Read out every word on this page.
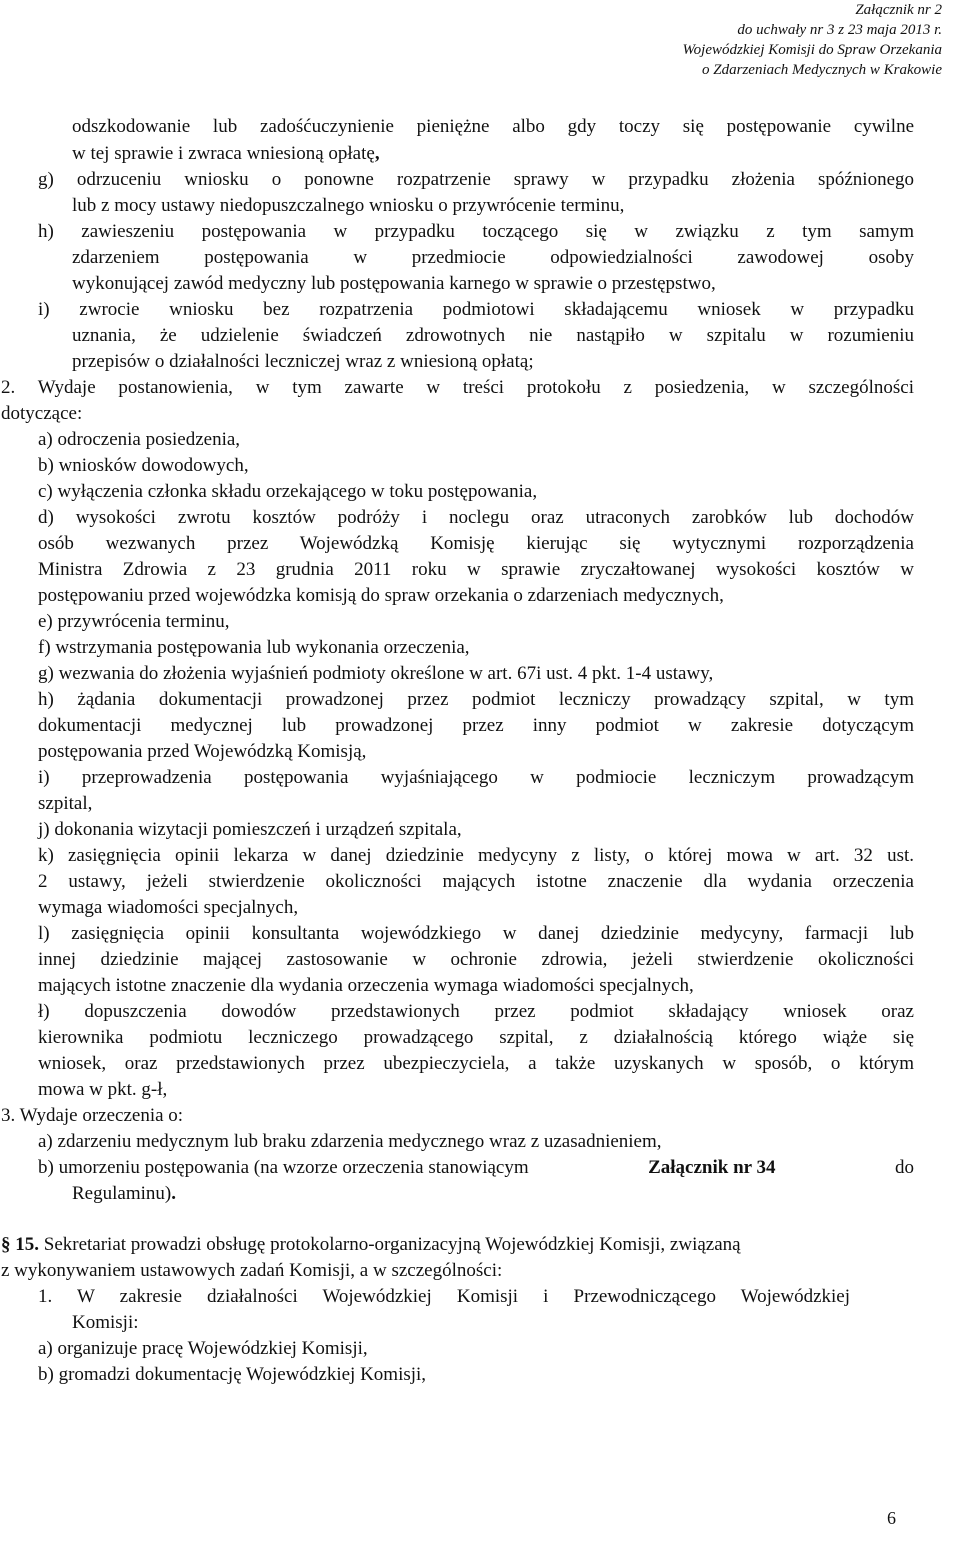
Załącznik nr 2
do uchwały nr 3 z 23 maja 2013 r.
Wojewódzkiej Komisji do Spraw Orzekania
o Zdarzeniach Medycznych w Krakowie
odszkodowanie lub zadośćuczynienie pieniężne albo gdy toczy się postępowanie cywilne
w tej sprawie i zwraca wniesioną opłatę,
g) odrzuceniu wniosku o ponowne rozpatrzenie sprawy w przypadku złożenia spóźnionego
lub z mocy ustawy niedopuszczalnego wniosku o przywrócenie terminu,
h) zawieszeniu postępowania w przypadku toczącego się w związku z tym samym
zdarzeniem postępowania w przedmiocie odpowiedzialności zawodowej osoby
wykonującej zawód medyczny lub postępowania karnego w sprawie o przestępstwo,
i) zwrocie wniosku bez rozpatrzenia podmiotowi składającemu wniosek w przypadku
uznania, że udzielenie świadczeń zdrowotnych nie nastąpiło w szpitalu w rozumieniu
przepisów o działalności leczniczej wraz z wniesioną opłatą;
2. Wydaje postanowienia, w tym zawarte w treści protokołu z posiedzenia, w szczególności
dotyczące:
a) odroczenia posiedzenia,
b) wniosków dowodowych,
c) wyłączenia członka składu orzekającego w toku postępowania,
d) wysokości zwrotu kosztów podróży i noclegu oraz utraconych zarobków lub dochodów
osób wezwanych przez Wojewódzką Komisję kierując się wytycznymi rozporządzenia
Ministra Zdrowia z 23 grudnia 2011 roku w sprawie zryczałtowanej wysokości kosztów w
postępowaniu przed wojewódzka komisją do spraw orzekania o zdarzeniach medycznych,
e) przywrócenia terminu,
f) wstrzymania postępowania lub wykonania orzeczenia,
g) wezwania do złożenia wyjaśnień podmioty określone w art. 67i ust. 4 pkt. 1-4 ustawy,
h) żądania dokumentacji prowadzonej przez podmiot leczniczy prowadzący szpital, w tym
dokumentacji medycznej lub prowadzonej przez inny podmiot w zakresie dotyczącym
postępowania przed Wojewódzką Komisją,
i) przeprowadzenia postępowania wyjaśniającego w podmiocie leczniczym prowadzącym
szpital,
j) dokonania wizytacji pomieszczeń i urządzeń szpitala,
k) zasięgnięcia opinii lekarza w danej dziedzinie medycyny z listy, o której mowa w art. 32 ust.
2 ustawy, jeżeli stwierdzenie okoliczności mających istotne znaczenie dla wydania orzeczenia
wymaga wiadomości specjalnych,
l) zasięgnięcia opinii konsultanta wojewódzkiego w danej dziedzinie medycyny, farmacji lub
innej dziedzinie mającej zastosowanie w ochronie zdrowia, jeżeli stwierdzenie okoliczności
mających istotne znaczenie dla wydania orzeczenia wymaga wiadomości specjalnych,
ł) dopuszczenia dowodów przedstawionych przez podmiot składający wniosek oraz
kierownika podmiotu leczniczego prowadzącego szpital, z działalnością którego wiąże się
wniosek, oraz przedstawionych przez ubezpieczyciela, a także uzyskanych w sposób, o którym
mowa w pkt. g-ł,
3. Wydaje orzeczenia o:
a) zdarzeniu medycznym lub braku zdarzenia medycznego wraz z uzasadnieniem,
b) umorzeniu postępowania (na wzorze orzeczenia stanowiącym	Załącznik nr 34	do
Regulaminu).
§ 15. Sekretariat prowadzi obsługę protokolarno-organizacyjną Wojewódzkiej Komisji, związaną
z wykonywaniem ustawowych zadań Komisji, a w szczególności:
1. W zakresie działalności Wojewódzkiej Komisji i Przewodniczącego Wojewódzkiej
Komisji:
a) organizuje pracę Wojewódzkiej Komisji,
b) gromadzi dokumentację Wojewódzkiej Komisji,
6
